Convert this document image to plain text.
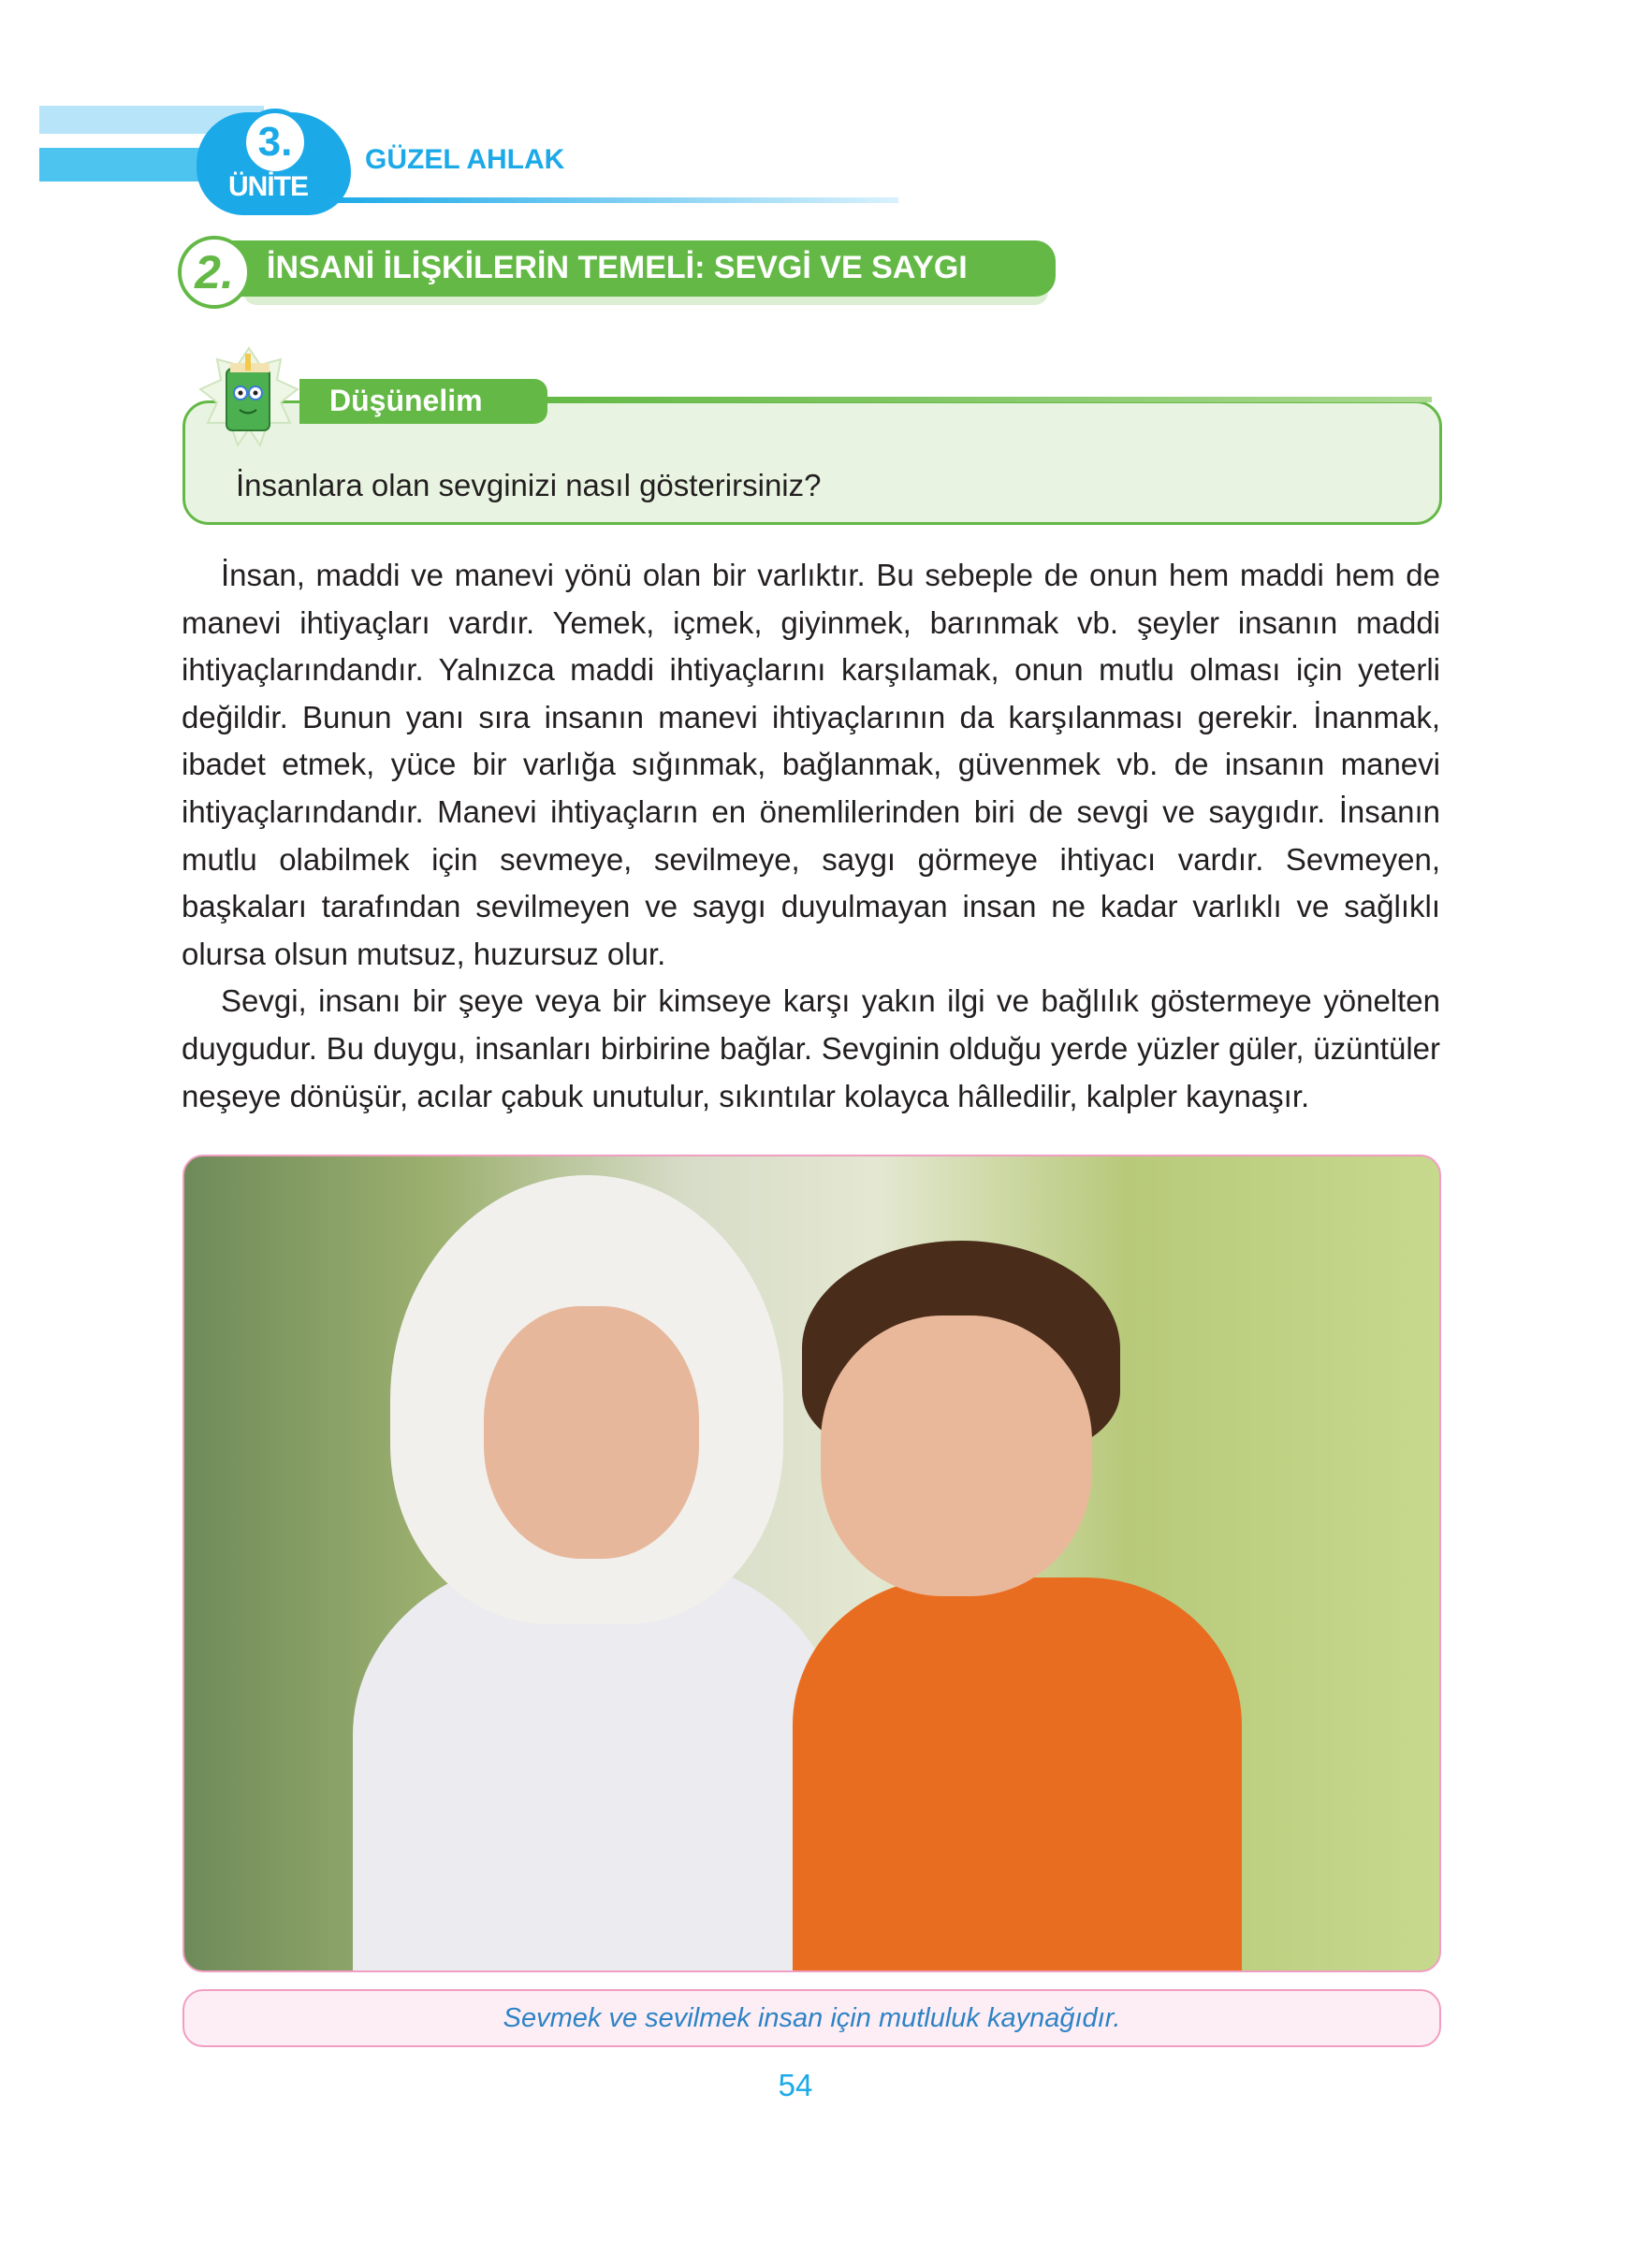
3.
ÜNİTE
GÜZEL AHLAK
2.	İNSANİ İLİŞKİLERİN TEMELİ: SEVGİ VE SAYGI
Düşünelim
İnsanlara olan sevginizi nasıl gösterirsiniz?

İnsan, maddi ve manevi yönü olan bir varlıktır. Bu sebeple de onun hem maddi hem de manevi ihtiyaçları vardır. Yemek, içmek, giyinmek, barınmak vb. şeyler insanın maddi ihtiyaçlarındandır. Yalnızca maddi ihtiyaçlarını karşılamak, onun mutlu olması için yeterli değildir. Bunun yanı sıra insanın manevi ihtiyaçlarının da karşılanması gerekir. İnanmak, ibadet etmek, yüce bir varlığa sığınmak, bağlanmak, güvenmek vb. de insanın manevi ihtiyaçlarındandır. Manevi ihtiyaçların en önemlilerinden biri de sevgi ve saygıdır. İnsanın mutlu olabilmek için sevmeye, sevilmeye, saygı görmeye ihtiyacı vardır. Sevmeyen, başkaları tarafından sevilmeyen ve saygı duyulmayan insan ne kadar varlıklı ve sağlıklı olursa olsun mutsuz, huzursuz olur.

Sevgi, insanı bir şeye veya bir kimseye karşı yakın ilgi ve bağlılık göstermeye yönelten duygudur. Bu duygu, insanları birbirine bağlar. Sevginin olduğu yerde yüzler güler, üzüntüler neşeye dönüşür, acılar çabuk unutulur, sıkıntılar kolayca hâlledilir, kalpler kaynaşır.

Sevmek ve sevilmek insan için mutluluk kaynağıdır.
54
